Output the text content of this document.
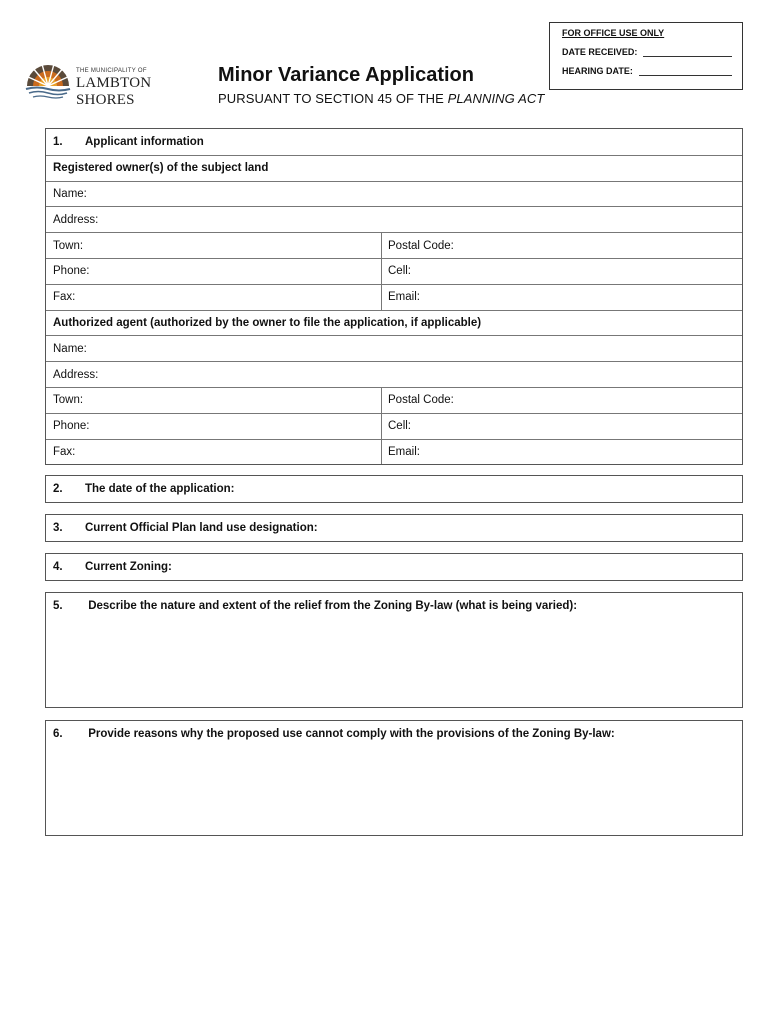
FOR OFFICE USE ONLY
DATE RECEIVED:
HEARING DATE:
THE MUNICIPALITY OF
LAMBTON SHORES
Minor Variance Application
PURSUANT TO SECTION 45 OF THE PLANNING ACT
1.	Applicant information
Registered owner(s) of the subject land
Name:
Address:
Town:	Postal Code:
Phone:	Cell:
Fax:	Email:
Authorized agent (authorized by the owner to file the application, if applicable)
Name:
Address:
Town:	Postal Code:
Phone:	Cell:
Fax:	Email:
2.	The date of the application:
3.	Current Official Plan land use designation:
4.	Current Zoning:
5. Describe the nature and extent of the relief from the Zoning By-law (what is being varied):
6. Provide reasons why the proposed use cannot comply with the provisions of the Zoning By-law:
